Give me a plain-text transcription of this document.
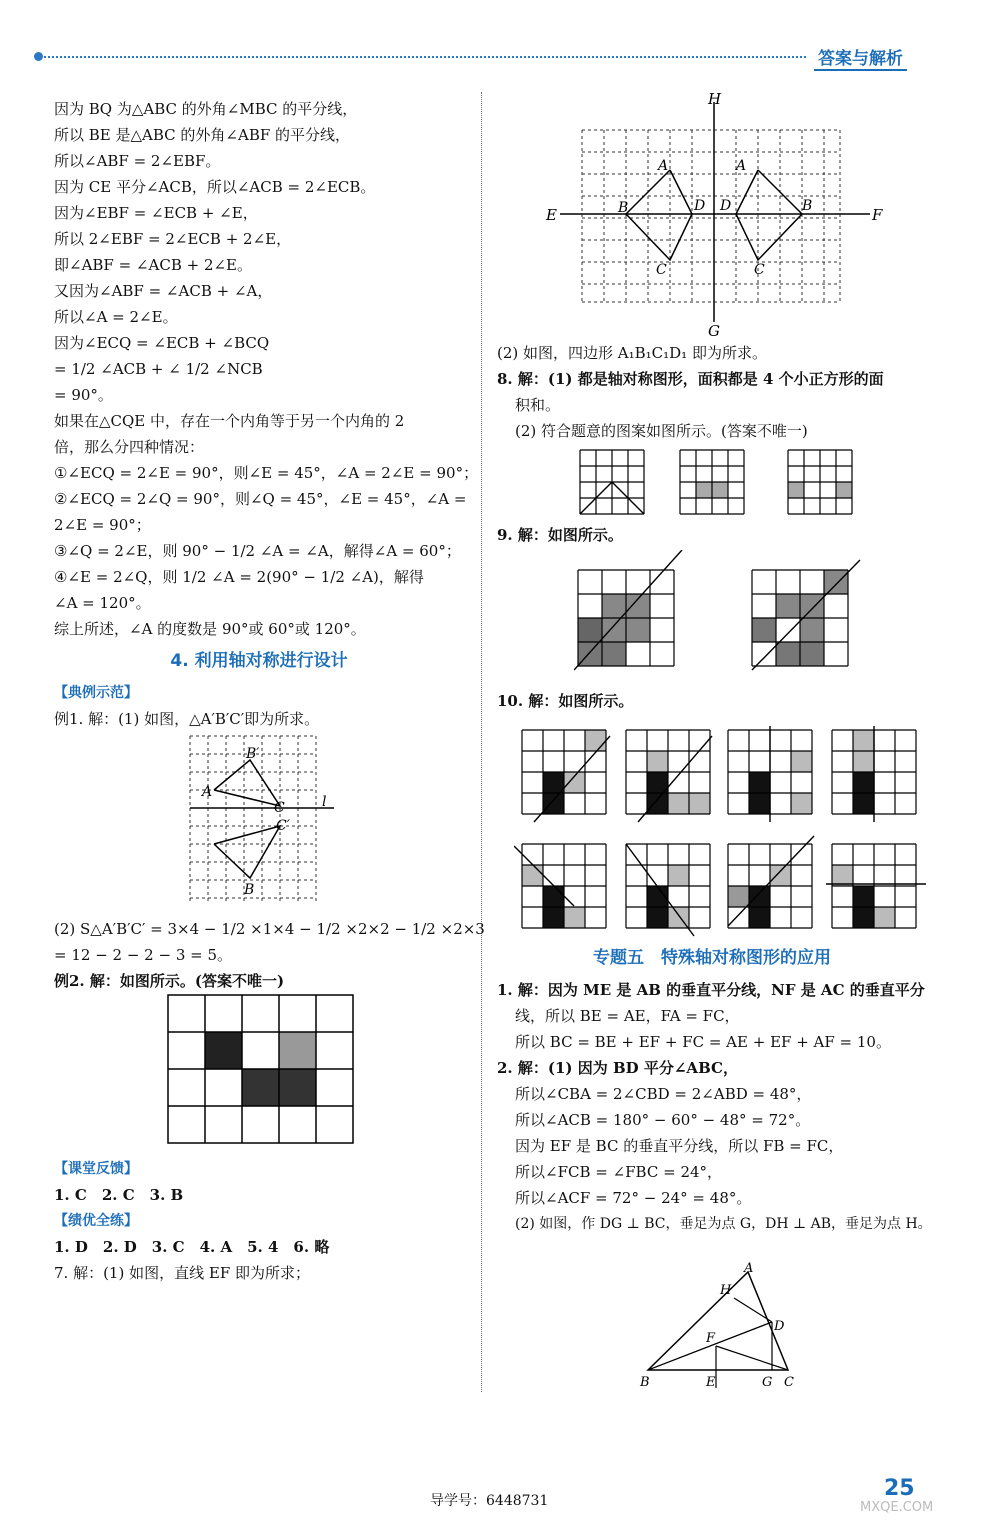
答案与解析
因为 BQ 为△ABC 的外角∠MBC 的平分线，
所以 BE 是△ABC 的外角∠ABF 的平分线，
所以∠ABF = 2∠EBF。
因为 CE 平分∠ACB，所以∠ACB = 2∠ECB。
因为∠EBF = ∠ECB + ∠E，
所以 2∠EBF = 2∠ECB + 2∠E，
即∠ABF = ∠ACB + 2∠E。
又因为∠ABF = ∠ACB + ∠A，
所以∠A = 2∠E。
因为∠ECQ = ∠ECB + ∠BCQ
= 1/2 ∠ACB + ∠ 1/2 ∠NCB
= 90°。
如果在△CQE 中，存在一个内角等于另一个内角的 2
倍，那么分四种情况：
①∠ECQ = 2∠E = 90°，则∠E = 45°，∠A = 2∠E = 90°；
②∠ECQ = 2∠Q = 90°，则∠Q = 45°，∠E = 45°，∠A =
2∠E = 90°；
③∠Q = 2∠E，则 90° − 1/2 ∠A = ∠A，解得∠A = 60°；
④∠E = 2∠Q，则 1/2 ∠A = 2(90° − 1/2 ∠A)，解得
∠A = 120°。
综上所述，∠A 的度数是 90°或 60°或 120°。
4. 利用轴对称进行设计
【典例示范】
例1. 解：(1) 如图，△A′B′C′即为所求。
A
B′
C
C′
B
l
(2) S△A′B′C′ = 3×4 − 1/2 ×1×4 − 1/2 ×2×2 − 1/2 ×2×3
= 12 − 2 − 2 − 3 = 5。
例2. 解：如图所示。(答案不唯一)
【课堂反馈】
1. C　2. C　3. B
【绩优全练】
1. D　2. D　3. C　4. A　5. 4　6. 略
7. 解：(1) 如图，直线 EF 即为所求；
H
G
E	F
A
B
C
D
A
B
C
D
(2) 如图，四边形 A₁B₁C₁D₁ 即为所求。
8. 解：(1) 都是轴对称图形，面积都是 4 个小正方形的面
积和。
(2) 符合题意的图案如图所示。(答案不唯一)
9. 解：如图所示。
10. 解：如图所示。
专题五　特殊轴对称图形的应用
1. 解：因为 ME 是 AB 的垂直平分线，NF 是 AC 的垂直平分
线，所以 BE = AE，FA = FC，
所以 BC = BE + EF + FC = AE + EF + AF = 10。
2. 解：(1) 因为 BD 平分∠ABC，
所以∠CBA = 2∠CBD = 2∠ABD = 48°，
所以∠ACB = 180° − 60° − 48° = 72°。
因为 EF 是 BC 的垂直平分线，所以 FB = FC，
所以∠FCB = ∠FBC = 24°，
所以∠ACF = 72° − 24° = 48°。
(2) 如图，作 DG ⊥ BC，垂足为点 G，DH ⊥ AB，垂足为点 H。
A
H
D
F
B	E	G C
导学号：6448731	25
MXQE.COM
